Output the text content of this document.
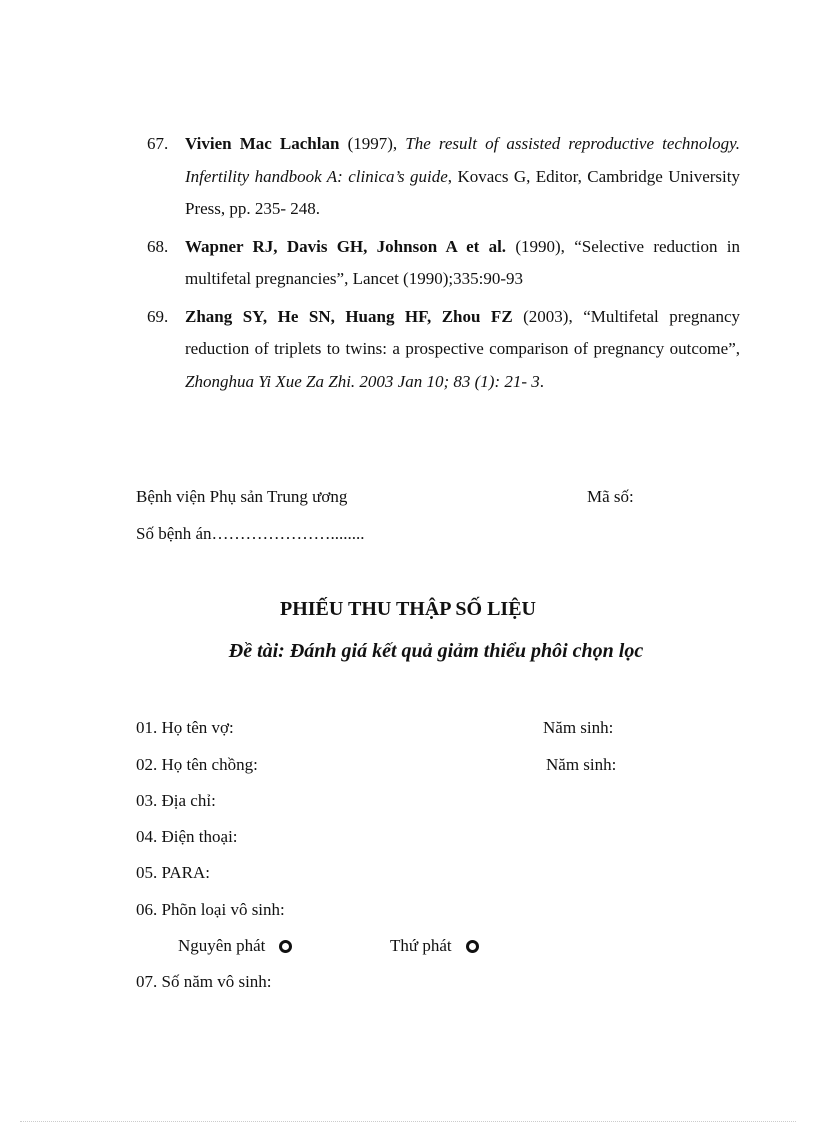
67. Vivien Mac Lachlan (1997), The result of assisted reproductive technology. Infertility handbook A: clinica’s guide, Kovacs G, Editor, Cambridge University Press, pp. 235- 248.
68. Wapner RJ, Davis GH, Johnson A et al. (1990), “Selective reduction in multifetal pregnancies”, Lancet (1990);335:90-93
69. Zhang SY, He SN, Huang HF, Zhou FZ (2003), “Multifetal pregnancy reduction of triplets to twins: a prospective comparison of pregnancy outcome”, Zhonghua Yi Xue Za Zhi. 2003 Jan 10; 83 (1): 21- 3.
Bệnh viện Phụ sản Trung ương	Mã số:
Số bệnh án…………………........
PHIẾU THU THẬP SỐ LIỆU
Đề tài: Đánh giá kết quả giảm thiểu phôi chọn lọc
01. Họ tên vợ:	Năm sinh:
02. Họ tên chồng:	Năm sinh:
03. Địa chỉ:
04. Điện thoại:
05. PARA:
06. Phõn loại vô sinh:
Nguyên phát	Thứ phát
07. Số năm vô sinh:
